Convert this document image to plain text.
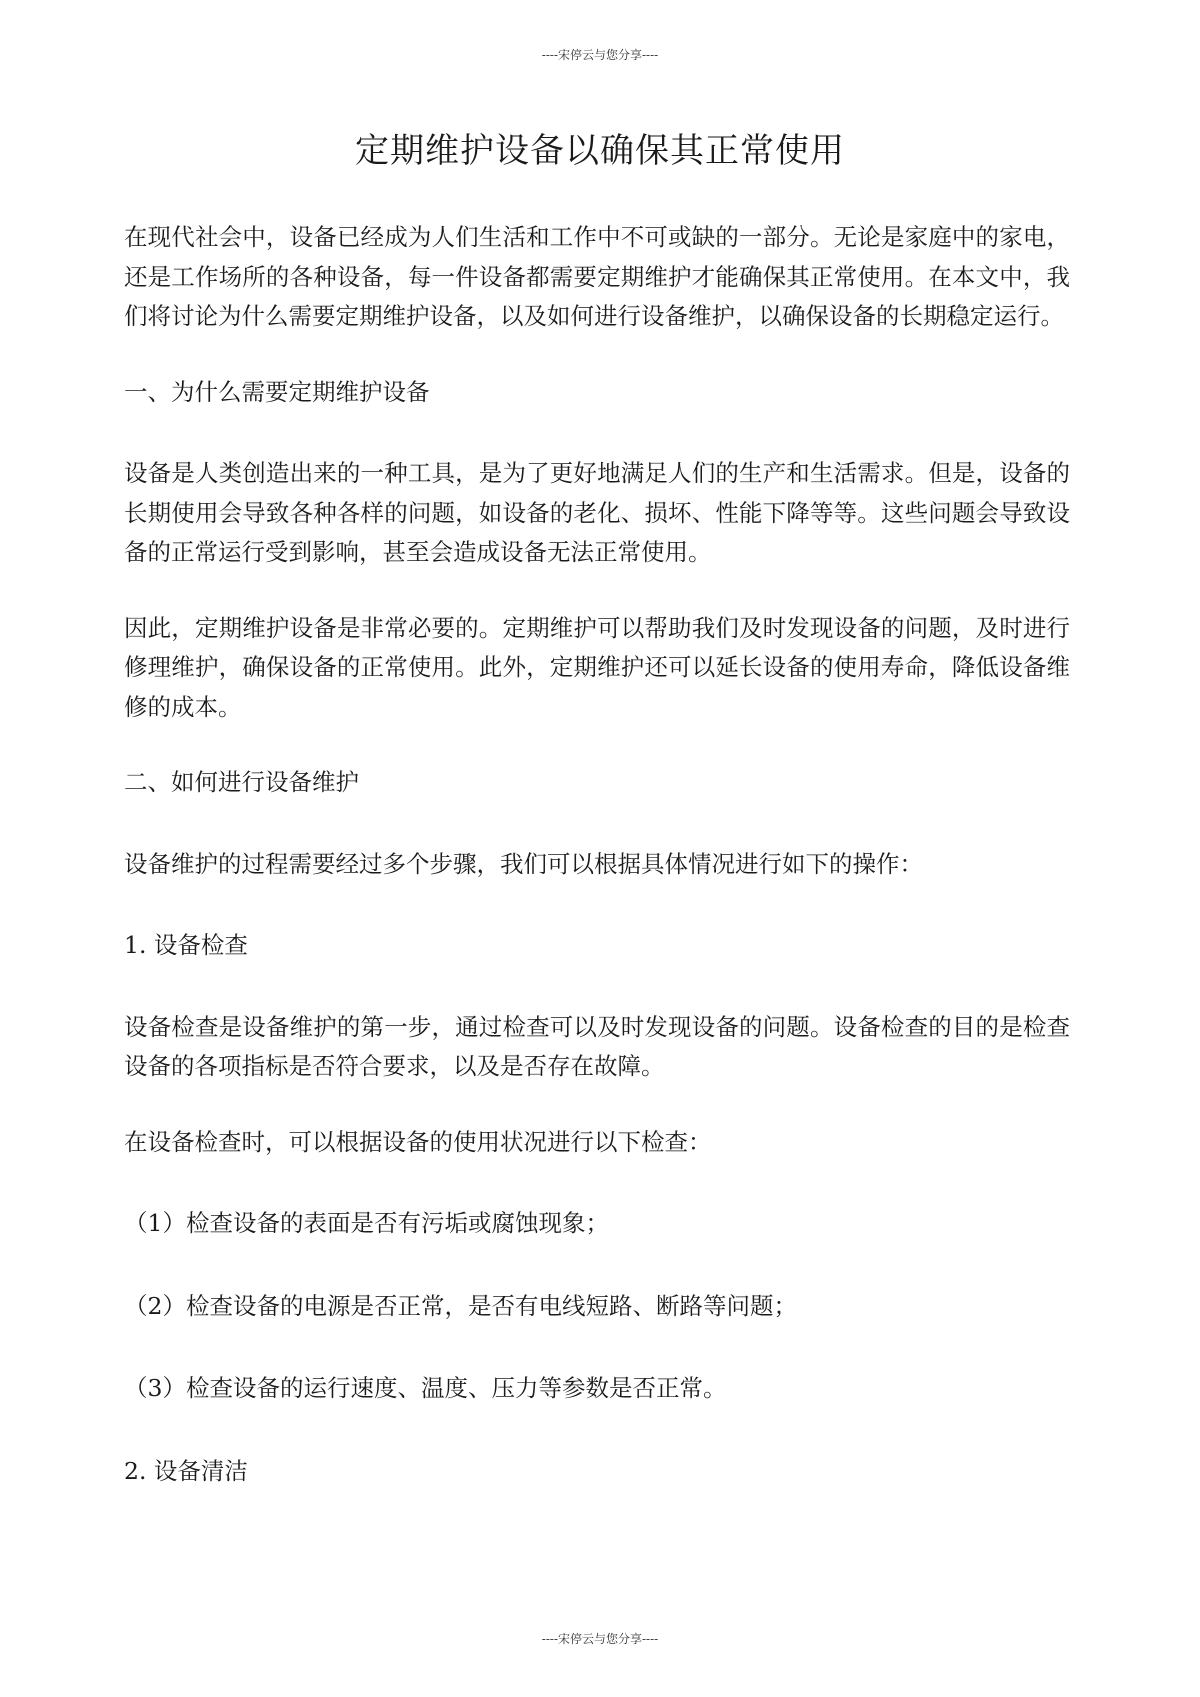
----宋停云与您分享----
定期维护设备以确保其正常使用

在现代社会中，设备已经成为人们生活和工作中不可或缺的一部分。无论是家庭中的家电，还是工作场所的各种设备，每一件设备都需要定期维护才能确保其正常使用。在本文中，我们将讨论为什么需要定期维护设备，以及如何进行设备维护，以确保设备的长期稳定运行。

一、为什么需要定期维护设备

设备是人类创造出来的一种工具，是为了更好地满足人们的生产和生活需求。但是，设备的长期使用会导致各种各样的问题，如设备的老化、损坏、性能下降等等。这些问题会导致设备的正常运行受到影响，甚至会造成设备无法正常使用。

因此，定期维护设备是非常必要的。定期维护可以帮助我们及时发现设备的问题，及时进行修理维护，确保设备的正常使用。此外，定期维护还可以延长设备的使用寿命，降低设备维修的成本。

二、如何进行设备维护

设备维护的过程需要经过多个步骤，我们可以根据具体情况进行如下的操作：

1. 设备检查

设备检查是设备维护的第一步，通过检查可以及时发现设备的问题。设备检查的目的是检查设备的各项指标是否符合要求，以及是否存在故障。

在设备检查时，可以根据设备的使用状况进行以下检查：

（1）检查设备的表面是否有污垢或腐蚀现象；

（2）检查设备的电源是否正常，是否有电线短路、断路等问题；

（3）检查设备的运行速度、温度、压力等参数是否正常。

2. 设备清洁

----宋停云与您分享----
